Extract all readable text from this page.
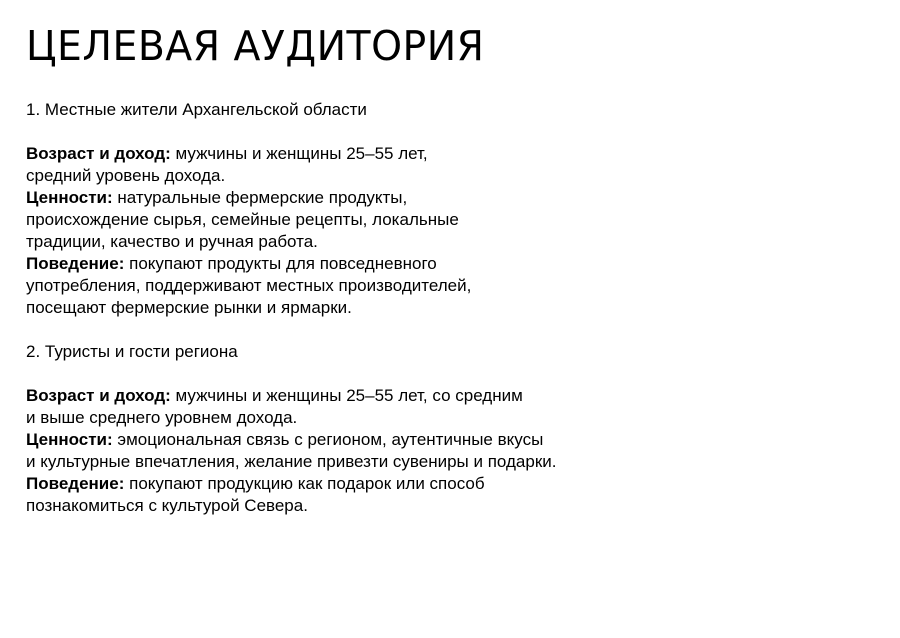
ЦЕЛЕВАЯ АУДИТОРИЯ

1. Местные жители Архангельской области

Возраст и доход: мужчины и женщины 25–55 лет,
средний уровень дохода.

Ценности: натуральные фермерские продукты,
происхождение сырья, семейные рецепты, локальные
традиции, качество и ручная работа.

Поведение: покупают продукты для повседневного
употребления, поддерживают местных производителей,
посещают фермерские рынки и ярмарки.

2. Туристы и гости региона

Возраст и доход: мужчины и женщины 25–55 лет, со средним
и выше среднего уровнем дохода.

Ценности: эмоциональная связь с регионом, аутентичные вкусы
и культурные впечатления, желание привезти сувениры и подарки.

Поведение: покупают продукцию как подарок или способ
познакомиться с культурой Севера.
